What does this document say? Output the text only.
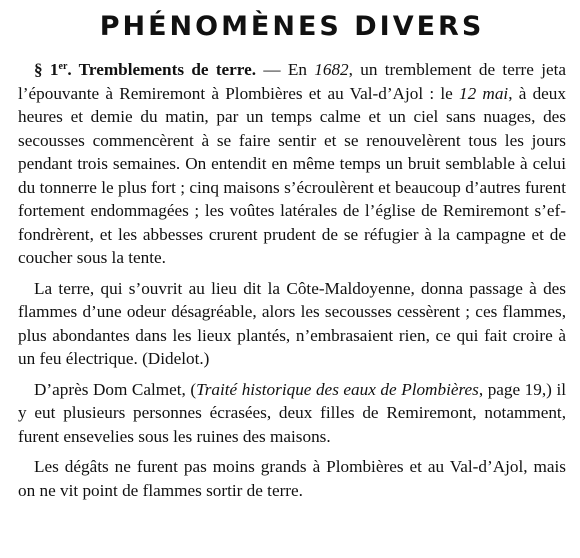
PHÉNOMÈNES DIVERS

§ 1er. Tremblements de terre. — En 1682, un tremblement de terre jeta l’épouvante à Remiremont à Plombières et au Val-d’Ajol : le 12 mai, à deux heures et demie du matin, par un temps calme et un ciel sans nuages, des secousses commencèrent à se faire sentir et se renouvelèrent tous les jours pendant trois semaines. On entendit en même temps un bruit semblable à celui du tonnerre le plus fort ; cinq maisons s’écroulèrent et beaucoup d’autres furent fortement endommagées ; les voûtes latérales de l’église de Remiremont s’effondrèrent, et les abbesses crurent prudent de se réfugier à la campagne et de coucher sous la tente.

La terre, qui s’ouvrit au lieu dit la Côte-Maldoyenne, donna passage à des flammes d’une odeur désagréable, alors les secousses cessèrent ; ces flammes, plus abondantes dans les lieux plantés, n’embrasaient rien, ce qui fait croire à un feu électrique. (Didelot.)

D’après Dom Calmet, (Traité historique des eaux de Plombières, page 19,) il y eut plusieurs personnes écrasées, deux filles de Remiremont, notamment, furent ensevelies sous les ruines des maisons.

Les dégâts ne furent pas moins grands à Plombières et au Val-d’Ajol, mais on ne vit point de flammes sortir de terre.
